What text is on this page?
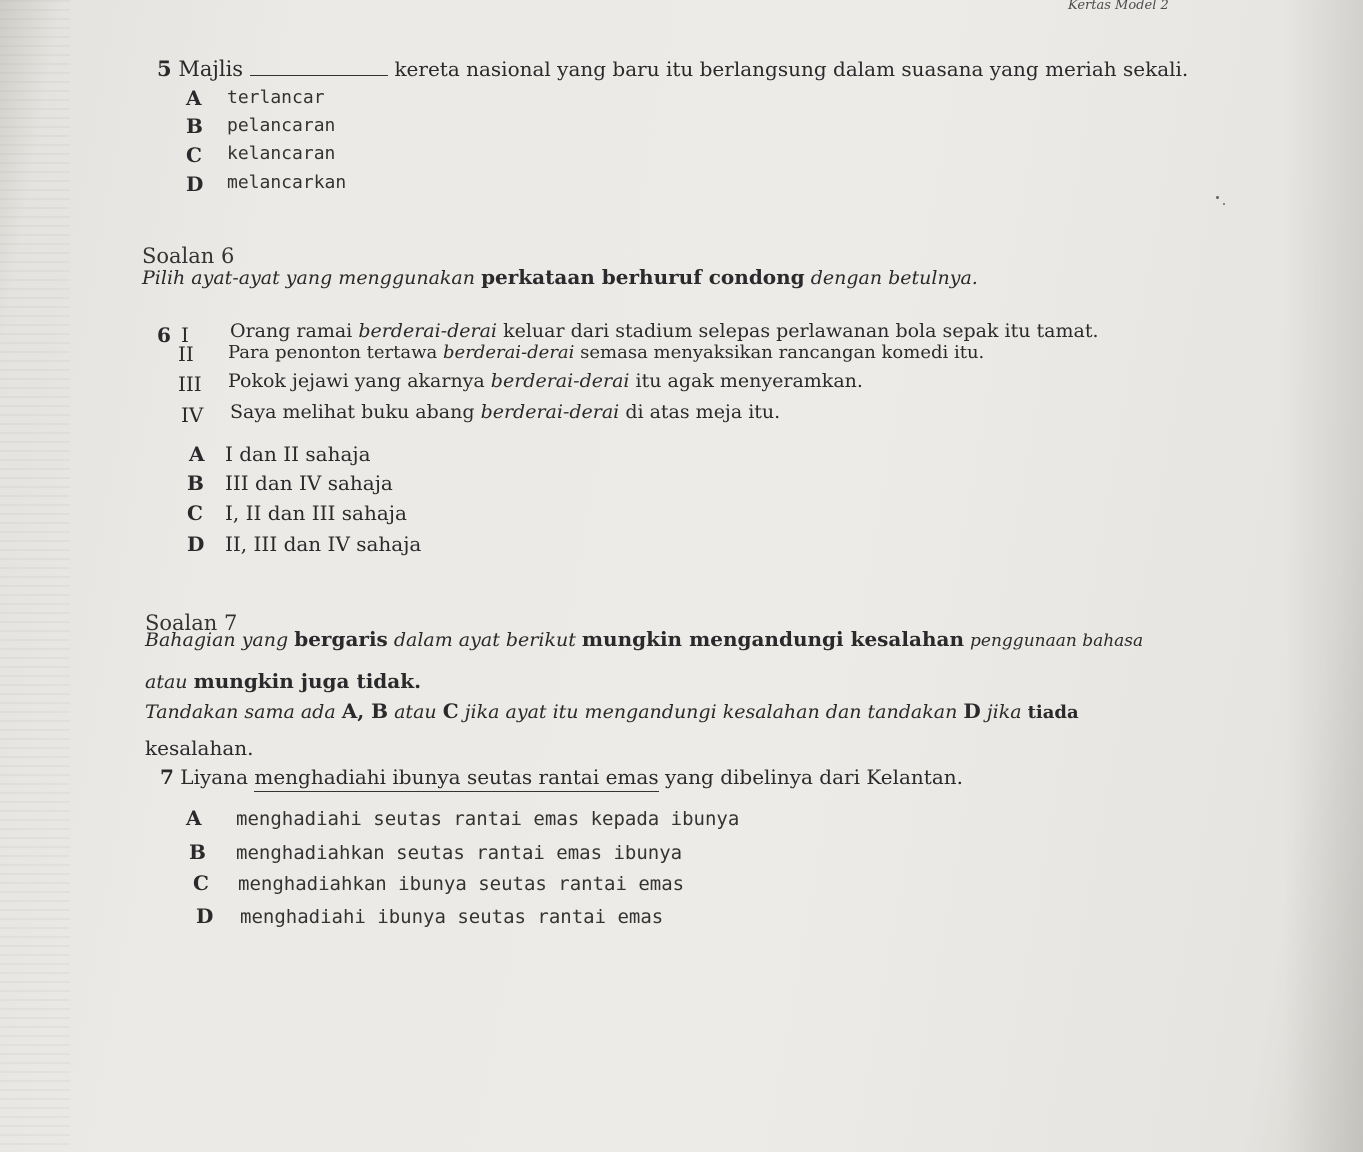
Kertas Model 2
5 Majlis	kereta nasional yang baru itu berlangsung dalam suasana yang meriah sekali.
A terlancar
B pelancaran
C kelancaran
D melancarkan
Soalan 6
Pilih ayat-ayat yang menggunakan perkataan berhuruf condong dengan betulnya.
6 I Orang ramai berderai-derai keluar dari stadium selepas perlawanan bola sepak itu tamat.
II Para penonton tertawa berderai-derai semasa menyaksikan rancangan komedi itu.
III Pokok jejawi yang akarnya berderai-derai itu agak menyeramkan.
IV Saya melihat buku abang berderai-derai di atas meja itu.
A I dan II sahaja
B III dan IV sahaja
C I, II dan III sahaja
D II, III dan IV sahaja
Soalan 7
Bahagian yang bergaris dalam ayat berikut mungkin mengandungi kesalahan penggunaan bahasa
atau mungkin juga tidak.
Tandakan sama ada A, B atau C jika ayat itu mengandungi kesalahan dan tandakan D jika tiada
kesalahan.
7 Liyana menghadiahi ibunya seutas rantai emas yang dibelinya dari Kelantan.
A menghadiahi seutas rantai emas kepada ibunya
B menghadiahkan seutas rantai emas ibunya
C menghadiahkan ibunya seutas rantai emas
D menghadiahi ibunya seutas rantai emas
